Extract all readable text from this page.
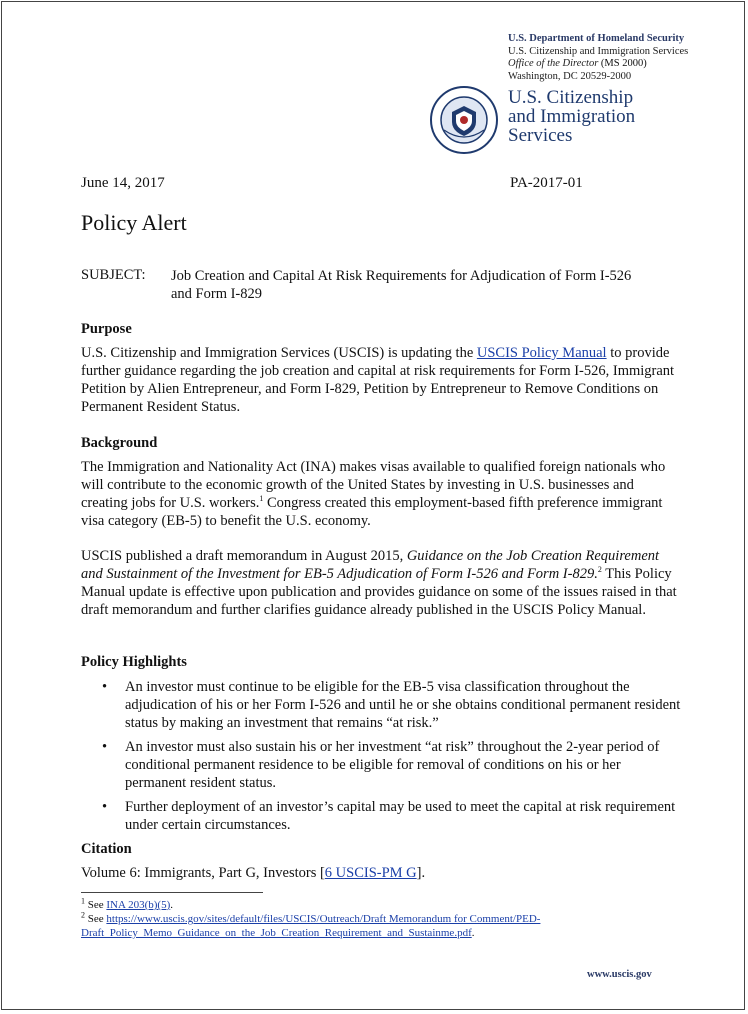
U.S. Department of Homeland Security
U.S. Citizenship and Immigration Services
Office of the Director (MS 2000)
Washington, DC 20529-2000
U.S. Citizenship
and Immigration
Services
June 14, 2017	PA-2017-01
Policy Alert
SUBJECT: Job Creation and Capital At Risk Requirements for Adjudication of Form I-526 and Form I-829
Purpose

U.S. Citizenship and Immigration Services (USCIS) is updating the USCIS Policy Manual to provide further guidance regarding the job creation and capital at risk requirements for Form I-526, Immigrant Petition by Alien Entrepreneur, and Form I-829, Petition by Entrepreneur to Remove Conditions on Permanent Resident Status.

Background

The Immigration and Nationality Act (INA) makes visas available to qualified foreign nationals who will contribute to the economic growth of the United States by investing in U.S. businesses and creating jobs for U.S. workers.$^1$ Congress created this employment-based fifth preference immigrant visa category (EB-5) to benefit the U.S. economy.

USCIS published a draft memorandum in August 2015, Guidance on the Job Creation Requirement and Sustainment of the Investment for EB-5 Adjudication of Form I-526 and Form I-829.$^2$ This Policy Manual update is effective upon publication and provides guidance on some of the issues raised in that draft memorandum and further clarifies guidance already published in the USCIS Policy Manual.

Policy Highlights
• An investor must continue to be eligible for the EB-5 visa classification throughout the adjudication of his or her Form I-526 and until he or she obtains conditional permanent resident status by making an investment that remains “at risk.”
• An investor must also sustain his or her investment “at risk” throughout the 2-year period of conditional permanent residence to be eligible for removal of conditions on his or her permanent resident status.
• Further deployment of an investor’s capital may be used to meet the capital at risk requirement under certain circumstances.
Citation

Volume 6: Immigrants, Part G, Investors [6 USCIS-PM G].

$^1$ See INA 203(b)(5).
$^2$ See https://www.uscis.gov/sites/default/files/USCIS/Outreach/Draft Memorandum for Comment/PED-
Draft_Policy_Memo_Guidance_on_the_Job_Creation_Requirement_and_Sustainme.pdf.
www.uscis.gov
